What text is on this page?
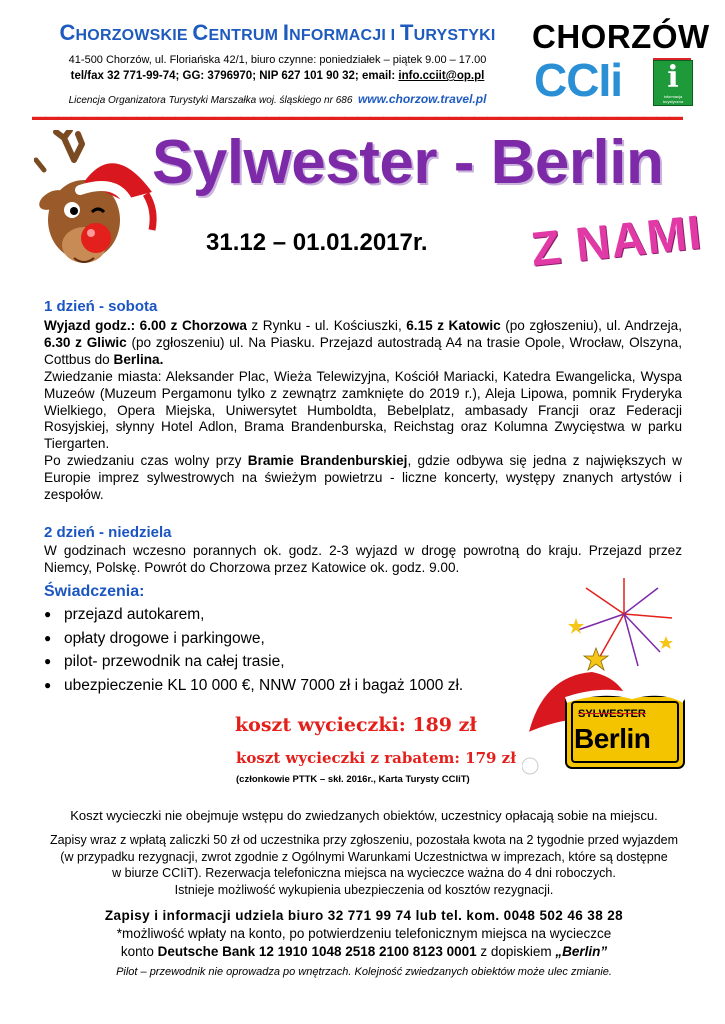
CHORZOWSKIE CENTRUM INFORMACJI I TURYSTYKI
41-500 Chorzów, ul. Floriańska 42/1, biuro czynne: poniedziałek – piątek 9.00 – 17.00
tel/fax 32 771-99-74; GG: 3796970; NIP 627 101 90 32; email: info.cciit@op.pl
Licencja Organizatora Turystyki Marszałka woj. śląskiego nr 686 www.chorzow.travel.pl
CHORZÓW
CCIi	i
informacja turystyczna
▬▬▬▬▬▬▬▬▬▬▬▬▬▬▬▬▬▬▬▬▬▬▬▬▬▬▬▬▬▬▬▬▬▬▬▬▬▬▬▬▬▬▬▬▬▬▬▬▬▬
Sylwester - Berlin
31.12 – 01.01.2017r. Z NAMI
1 dzień - sobota
Wyjazd godz.: 6.00 z Chorzowa z Rynku - ul. Kościuszki, 6.15 z Katowic (po zgłoszeniu), ul. Andrzeja, 6.30 z Gliwic (po zgłoszeniu) ul. Na Piasku. Przejazd autostradą A4 na trasie Opole, Wrocław, Olszyna, Cottbus do Berlina.
Zwiedzanie miasta: Aleksander Plac, Wieża Telewizyjna, Kościół Mariacki, Katedra Ewangelicka, Wyspa Muzeów (Muzeum Pergamonu tylko z zewnątrz zamknięte do 2019 r.), Aleja Lipowa, pomnik Fryderyka Wielkiego, Opera Miejska, Uniwersytet Humboldta, Bebelplatz, ambasady Francji oraz Federacji Rosyjskiej, słynny Hotel Adlon, Brama Brandenburska, Reichstag oraz Kolumna Zwycięstwa w parku Tiergarten.
Po zwiedzaniu czas wolny przy Bramie Brandenburskiej, gdzie odbywa się jedna z największych w Europie imprez sylwestrowych na świeżym powietrzu - liczne koncerty, występy znanych artystów i zespołów.
2 dzień - niedziela
W godzinach wczesno porannych ok. godz. 2-3 wyjazd w drogę powrotną do kraju. Przejazd przez Niemcy, Polskę. Powrót do Chorzowa przez Katowice ok. godz. 9.00.
Świadczenia:
● przejazd autokarem,
● opłaty drogowe i parkingowe,
● pilot- przewodnik na całej trasie,
● ubezpieczenie KL 10 000 €, NNW 7000 zł i bagaż 1000 zł.
SYLWESTER
Berlin
koszt wycieczki: 189 zł
koszt wycieczki z rabatem: 179 zł
(członkowie PTTK – skł. 2016r., Karta Turysty CCIiT)
Koszt wycieczki nie obejmuje wstępu do zwiedzanych obiektów, uczestnicy opłacają sobie na miejscu.
Zapisy wraz z wpłatą zaliczki 50 zł od uczestnika przy zgłoszeniu, pozostała kwota na 2 tygodnie przed wyjazdem
(w przypadku rezygnacji, zwrot zgodnie z Ogólnymi Warunkami Uczestnictwa w imprezach, które są dostępne
w biurze CCIiT). Rezerwacja telefoniczna miejsca na wycieczce ważna do 4 dni roboczych.
Istnieje możliwość wykupienia ubezpieczenia od kosztów rezygnacji.
Zapisy i informacji udziela biuro 32 771 99 74 lub tel. kom. 0048 502 46 38 28
*możliwość wpłaty na konto, po potwierdzeniu telefonicznym miejsca na wycieczce
konto Deutsche Bank 12 1910 1048 2518 2100 8123 0001 z dopiskiem „Berlin”
Pilot – przewodnik nie oprowadza po wnętrzach. Kolejność zwiedzanych obiektów może ulec zmianie.
